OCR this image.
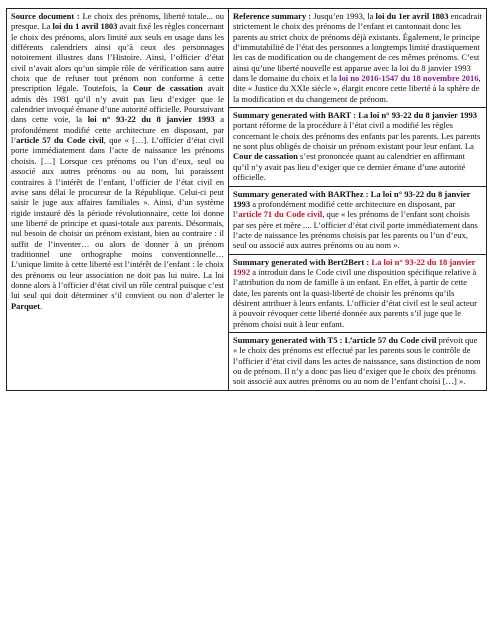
Source document : Le choix des prénoms, liberté totale... ou presque. La loi du 1 avril 1803 avait fixé les règles concernant le choix des prénoms, alors limité aux seuls en usage dans les différents calendriers ainsi qu’à ceux des personnages notoirement illustres dans l’Histoire. Ainsi, l’officier d’état civil n’avait alors qu’un simple rôle de vérification sans autre choix que de refuser tout prénom non conforme à cette prescription légale. Toutefois, la Cour de cassation avait admis dès 1981 qu’il n’y avait pas lieu d’exiger que le calendrier invoqué émane d’une autorité officielle. Poursuivant dans cette voie, la loi n° 93-22 du 8 janvier 1993 a profondément modifié cette architecture en disposant, par l’article 57 du Code civil, que « […]. L’officier d’état civil porte immédiatement dans l’acte de naissance les prénoms choisis. […] Lorsque ces prénoms ou l’un d’eux, seul ou associé aux autres prénoms ou au nom, lui paraissent contraires à l’intérêt de l’enfant, l’officier de l’état civil en avise sans délai le procureur de la République. Celui-ci peut saisir le juge aux affaires familiales ». Ainsi, d’un système rigide instauré dès la période révolutionnaire, cette loi donne une liberté de principe et quasi-totale aux parents. Désormais, nul besoin de choisir un prénom existant, bien au contraire : il suffit de l’inventer… ou alors de donner à un prénom traditionnel une orthographe moins conventionnelle… L’unique limite à cette liberté est l’intérêt de l’enfant : le choix des prénoms ou leur association ne doit pas lui nuire. La loi donne alors à l’officier d’état civil un rôle central puisque c’est lui seul qui doit déterminer s’il convient ou non d’alerter le Parquet.

Reference summary : Jusqu’en 1993, la loi du 1er avril 1803 encadrait strictement le choix des prénoms de l’enfant et cantonnait donc les parents au strict choix de prénoms déjà existants. Également, le principe d’immutabilité de l’état des personnes a longtemps limité drastiquement les cas de modification ou de changement de ces mêmes prénoms. C’est ainsi qu’une liberté nouvelle est apparue avec la loi du 8 janvier 1993 dans le domaine du choix et la loi no 2016-1547 du 18 novembre 2016, dite « Justice du XXIe siècle », élargit encore cette liberté à la sphère de la modification et du changement de prénom.

Summary generated with BART : La loi n° 93-22 du 8 janvier 1993 portant réforme de la procédure à l’état civil a modifié les règles concernant le choix des prénoms des enfants par les parents. Les parents ne sont plus obligés de choisir un prénom existant pour leur enfant. La Cour de cassation s’est prononcée quant au calendrier en affirmant qu’il n’y avait pas lieu d’exiger que ce dernier émane d’une autorité officielle.

Summary generated with BARThez : La loi n° 93-22 du 8 janvier 1993 a profondément modifié cette architecture en disposant, par l’article 71 du Code civil, que « les prénoms de l’enfant sont choisis par ses père et mère .... L’officier d’état civil porte immédiatement dans l’acte de naissance les prénoms choisis par les parents ou l’un d’eux, seul ou associé aux autres prénoms ou au nom ».

Summary generated with Bert2Bert : La loi n° 93-22 du 18 janvier 1992 a introduit dans le Code civil une disposition spécifique relative à l’attribution du nom de famille à un enfant. En effet, à partir de cette date, les parents ont la quasi-liberté de choisir les prénoms qu’ils désirent attribuer à leurs enfants. L’officier d’état civil est le seul acteur à pouvoir révoquer cette liberté donnée aux parents s’il juge que le prénom choisi nuit à leur enfant.

Summary generated with T5 : L’article 57 du Code civil prévoit que « le choix des prénoms est effectué par les parents sous le contrôle de l’officier d’état civil dans les actes de naissance, sans distinction de nom ou de prénom. Il n’y a donc pas lieu d’exiger que le choix des prénoms soit associé aux autres prénoms ou au nom de l’enfant choisi […] ».
